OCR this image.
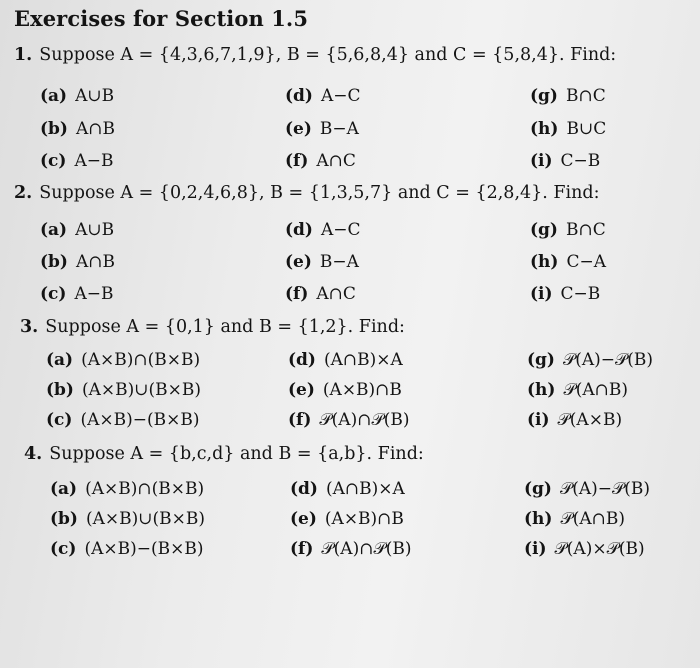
Exercises for Section 1.5
1. Suppose A = {4,3,6,7,1,9}, B = {5,6,8,4} and C = {5,8,4}. Find:
(a) A∪B
(b) A∩B
(c) A−B
(d) A−C
(e) B−A
(f) A∩C
(g) B∩C
(h) B∪C
(i) C−B
2. Suppose A = {0,2,4,6,8}, B = {1,3,5,7} and C = {2,8,4}. Find:
(a) A∪B
(b) A∩B
(c) A−B
(d) A−C
(e) B−A
(f) A∩C
(g) B∩C
(h) C−A
(i) C−B
3. Suppose A = {0,1} and B = {1,2}. Find:
(a) (A×B)∩(B×B)
(b) (A×B)∪(B×B)
(c) (A×B)−(B×B)
(d) (A∩B)×A
(e) (A×B)∩B
(f) 𝒫(A)∩𝒫(B)
(g) 𝒫(A)−𝒫(B)
(h) 𝒫(A∩B)
(i) 𝒫(A×B)
4. Suppose A = {b,c,d} and B = {a,b}. Find:
(a) (A×B)∩(B×B)
(b) (A×B)∪(B×B)
(c) (A×B)−(B×B)
(d) (A∩B)×A
(e) (A×B)∩B
(f) 𝒫(A)∩𝒫(B)
(g) 𝒫(A)−𝒫(B)
(h) 𝒫(A∩B)
(i) 𝒫(A)×𝒫(B)
